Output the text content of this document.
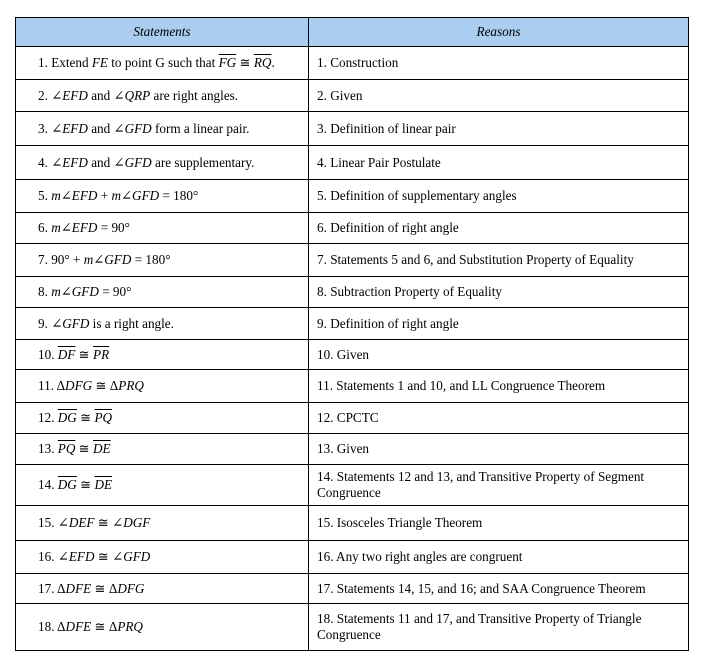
Statements	Reasons
1. Extend FE to point G such that $\overline{FG}$ ≅ $\overline{RQ}$.	1. Construction
2. ∠EFD and ∠QRP are right angles.	2. Given
3. ∠EFD and ∠GFD form a linear pair.	3. Definition of linear pair
4. ∠EFD and ∠GFD are supplementary.	4. Linear Pair Postulate
5. m∠EFD + m∠GFD = 180°	5. Definition of supplementary angles
6. m∠EFD = 90°	6. Definition of right angle
7. 90° + m∠GFD = 180°	7. Statements 5 and 6, and Substitution Property of Equality
8. m∠GFD = 90°	8. Subtraction Property of Equality
9. ∠GFD is a right angle.	9. Definition of right angle
10. $\overline{DF}$ ≅ $\overline{PR}$	10. Given
11. ΔDFG ≅ ΔPRQ	11. Statements 1 and 10, and LL Congruence Theorem
12. $\overline{DG}$ ≅ $\overline{PQ}$	12. CPCTC
13. $\overline{PQ}$ ≅ $\overline{DE}$	13. Given
14. $\overline{DG}$ ≅ $\overline{DE}$	14. Statements 12 and 13, and Transitive Property of Segment Congruence
15. ∠DEF ≅ ∠DGF	15. Isosceles Triangle Theorem
16. ∠EFD ≅ ∠GFD	16. Any two right angles are congruent
17. ΔDFE ≅ ΔDFG	17. Statements 14, 15, and 16; and SAA Congruence Theorem
18. ΔDFE ≅ ΔPRQ	18. Statements 11 and 17, and Transitive Property of Triangle Congruence
